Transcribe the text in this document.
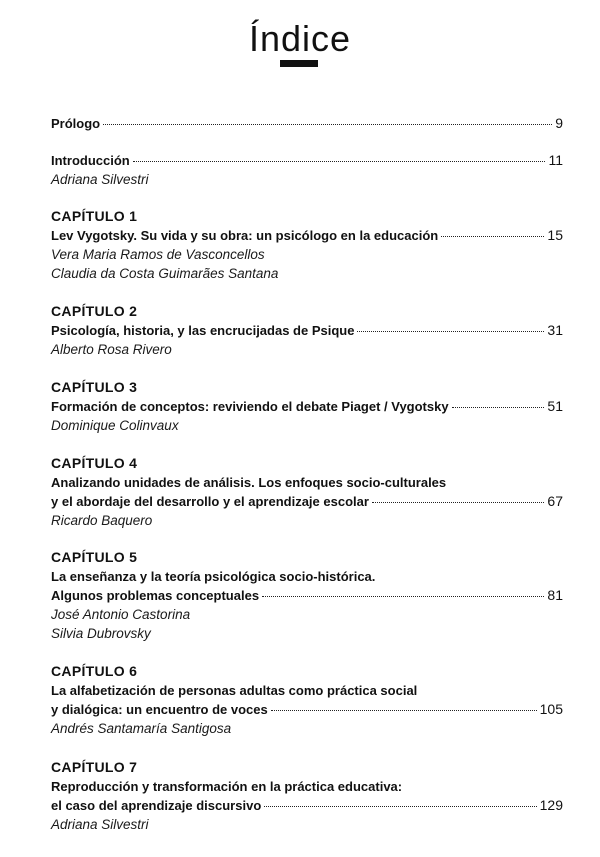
Índice
Prólogo	9
Introducción	11
Adriana Silvestri
CAPÍTULO 1
Lev Vygotsky. Su vida y su obra: un psicólogo en la educación	15
Vera Maria Ramos de Vasconcellos
Claudia da Costa Guimarães Santana
CAPÍTULO 2
Psicología, historia, y las encrucijadas de Psique	31
Alberto Rosa Rivero
CAPÍTULO 3
Formación de conceptos: reviviendo el debate Piaget / Vygotsky	51
Dominique Colinvaux
CAPÍTULO 4
Analizando unidades de análisis. Los enfoques socio-culturales
y el abordaje del desarrollo y el aprendizaje escolar	67
Ricardo Baquero
CAPÍTULO 5
La enseñanza y la teoría psicológica socio-histórica.
Algunos problemas conceptuales	81
José Antonio Castorina
Silvia Dubrovsky
CAPÍTULO 6
La alfabetización de personas adultas como práctica social
y dialógica: un encuentro de voces	105
Andrés Santamaría Santigosa
CAPÍTULO 7
Reproducción y transformación en la práctica educativa:
el caso del aprendizaje discursivo	129
Adriana Silvestri
